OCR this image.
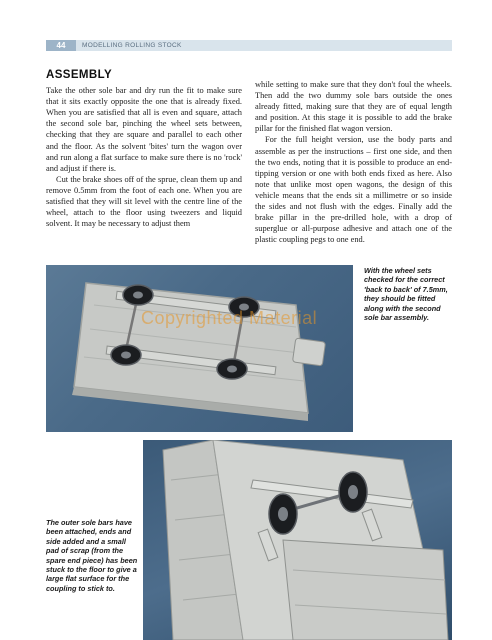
44	MODELLING ROLLING STOCK
ASSEMBLY

Take the other sole bar and dry run the fit to make sure that it sits exactly opposite the one that is already fixed. When you are satisfied that all is even and square, attach the second sole bar, pinching the wheel sets between, checking that they are square and parallel to each other and the floor. As the solvent 'bites' turn the wagon over and run along a flat surface to make sure there is no 'rock' and adjust if there is.

Cut the brake shoes off of the sprue, clean them up and remove 0.5mm from the foot of each one. When you are satisfied that they will sit level with the centre line of the wheel, attach to the floor using tweezers and liquid solvent. It may be necessary to adjust them

while setting to make sure that they don't foul the wheels. Then add the two dummy sole bars outside the ones already fitted, making sure that they are of equal length and position. At this stage it is possible to add the brake pillar for the finished flat wagon version.

For the full height version, use the body parts and assemble as per the instructions – first one side, and then the two ends, noting that it is possible to produce an end-tipping version or one with both ends fixed as here. Also note that unlike most open wagons, the design of this vehicle means that the ends sit a millimetre or so inside the sides and not flush with the edges. Finally add the brake pillar in the pre-drilled hole, with a drop of superglue or all-purpose adhesive and attach one of the plastic coupling pegs to one end.

Copyrighted Material
With the wheel sets checked for the correct 'back to back' of 7.5mm, they should be fitted along with the second sole bar assembly.
The outer sole bars have been attached, ends and side added and a small pad of scrap (from the spare end piece) has been stuck to the floor to give a large flat surface for the coupling to stick to.
